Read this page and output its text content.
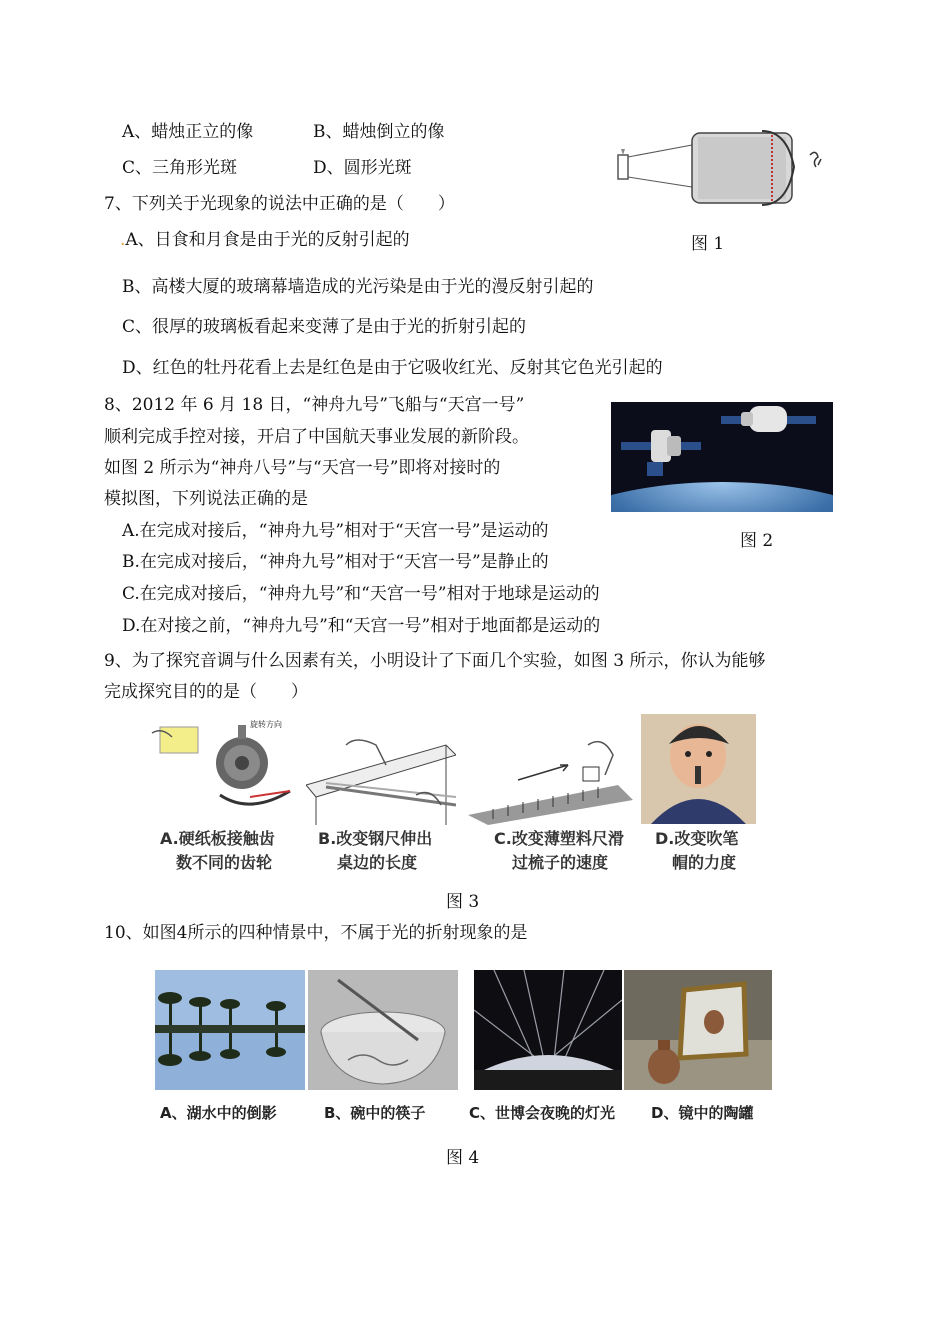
A、蜡烛正立的像	B、蜡烛倒立的像
C、三角形光斑	D、圆形光斑
图 1
7、下列关于光现象的说法中正确的是（　　）
.A、日食和月食是由于光的反射引起的
B、高楼大厦的玻璃幕墙造成的光污染是由于光的漫反射引起的
C、很厚的玻璃板看起来变薄了是由于光的折射引起的
D、红色的牡丹花看上去是红色是由于它吸收红光、反射其它色光引起的
8、2012 年 6 月 18 日，“神舟九号”飞船与“天宫一号”
顺利完成手控对接，开启了中国航天事业发展的新阶段。
如图 2 所示为“神舟八号”与“天宫一号”即将对接时的
模拟图，下列说法正确的是
A.在完成对接后，“神舟九号”相对于“天宫一号”是运动的
B.在完成对接后，“神舟九号”相对于“天宫一号”是静止的
C.在完成对接后，“神舟九号”和“天宫一号”相对于地球是运动的
D.在对接之前，“神舟九号”和“天宫一号”相对于地面都是运动的
图 2
9、为了探究音调与什么因素有关，小明设计了下面几个实验，如图 3 所示，你认为能够
完成探究目的的是（　　）
旋转方向
A.硬纸板接触齿
数不同的齿轮
B.改变钢尺伸出
桌边的长度
C.改变薄塑料尺滑
过梳子的速度
D.改变吹笔
帽的力度
图 3
10、如图4所示的四种情景中，不属于光的折射现象的是
A、湖水中的倒影	B、碗中的筷子	C、世博会夜晚的灯光 D、镜中的陶罐
图 4
